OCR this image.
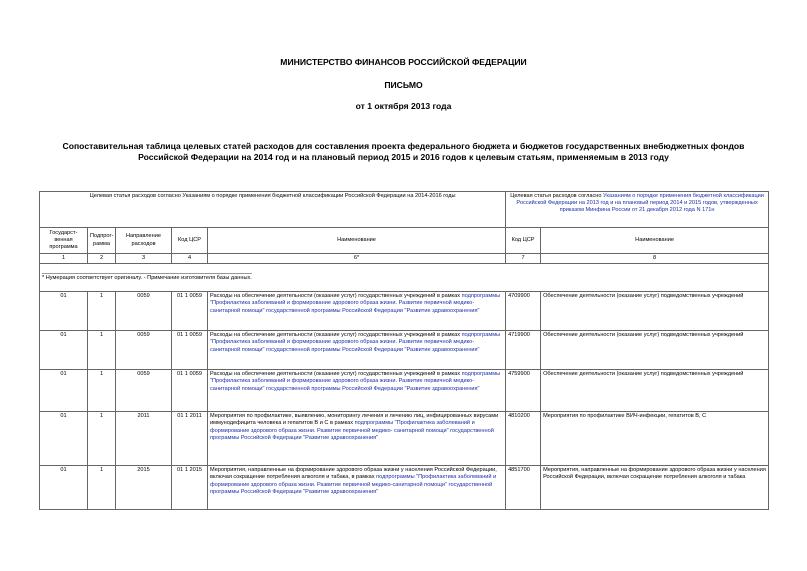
МИНИСТЕРСТВО ФИНАНСОВ РОССИЙСКОЙ ФЕДЕРАЦИИ
ПИСЬМО
от 1 октября 2013 года
Сопоставительная таблица целевых статей расходов для составления проекта федерального бюджета и бюджетов государственных внебюджетных фондов
Российской Федерации на 2014 год и на плановый период 2015 и 2016 годов к целевым статьям, применяемым в 2013 году
Целевая статья расходов согласно Указаниям о порядке применения бюджетной классификации Российской Федерации на 2014-2016 годы					Целевая статья расходов согласно Указаниям о порядке применения бюджетной классификации Российской Федерации на 2013 год и на плановый период 2014 и 2015 годов, утвержденных приказом Минфина России от 21 декабря 2012 года N 171н	
Государст-венная программа	Подпрог-рамма	Направление расходов	Код ЦСР	Наименование	Код ЦСР	Наименование
1	2	3	4	6*	7	8
* Нумерация соответствует оригиналу. - Примечание изготовителя базы данных.						
01	1	0059	01 1 0059	Расходы на обеспечение деятельности (оказание услуг) государственных учреждений в рамках подпрограммы "Профилактика заболеваний и формирование здорового образа жизни. Развитие первичной медико-санитарной помощи" государственной программы Российской Федерации "Развитие здравоохранения"	4709900	Обеспечение деятельности (оказание услуг) подведомственных учреждений
01	1	0059	01 1 0059	Расходы на обеспечение деятельности (оказание услуг) государственных учреждений в рамках подпрограммы "Профилактика заболеваний и формирование здорового образа жизни. Развитие первичной медико-санитарной помощи" государственной программы Российской Федерации "Развитие здравоохранения"	4719900	Обеспечение деятельности (оказание услуг) подведомственных учреждений
01	1	0059	01 1 0059	Расходы на обеспечение деятельности (оказание услуг) государственных учреждений в рамках подпрограммы "Профилактика заболеваний и формирование здорового образа жизни. Развитие первичной медико- санитарной помощи" государственной программы Российской Федерации "Развитие здравоохранения"	4759900	Обеспечение деятельности (оказание услуг) подведомственных учреждений
01	1	2011	01 1 2011	Мероприятия по профилактике, выявлению, мониторингу лечения и лечению лиц, инфицированных вирусами иммунодефицита человека и гепатитов B и C в рамках подпрограммы "Профилактика заболеваний и формирование здорового образа жизни. Развитие первичной медико- санитарной помощи" государственной программы Российской Федерации "Развитие здравоохранения"	4810200	Мероприятия по профилактике ВИЧ-инфекции, гепатитов B, C
01	1	2015	01 1 2015	Мероприятия, направленные на формирование здорового образа жизни у населения Российской Федерации, включая сокращение потребления алкоголя и табака, в рамках подпрограммы "Профилактика заболеваний и формирование здорового образа жизни. Развитие первичной медико-санитарной помощи" государственной программы Российской Федерации "Развитие здравоохранения"	4851700	Мероприятия, направленные на формирование здорового образа жизни у населения Российской Федерации, включая сокращение потребления алкоголя и табака
